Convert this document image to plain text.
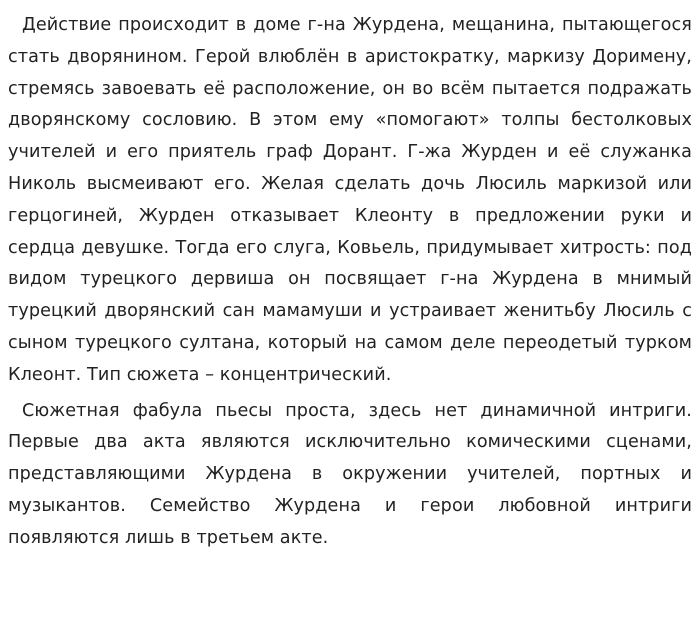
Действие происходит в доме г-на Журдена, мещанина, пытающегося стать дворянином. Герой влюблён в аристократку, маркизу Доримену, стремясь завоевать её расположение, он во всём пытается подражать дворянскому сословию. В этом ему «помогают» толпы бестолковых учителей и его приятель граф Дорант. Г-жа Журден и её служанка Николь высмеивают его. Желая сделать дочь Люсиль маркизой или герцогиней, Журден отказывает Клеонту в предложении руки и сердца девушке. Тогда его слуга, Ковьель, придумывает хитрость: под видом турецкого дервиша он посвящает г-на Журдена в мнимый турецкий дворянский сан мамамуши и устраивает женитьбу Люсиль с сыном турецкого султана, который на самом деле переодетый турком Клеонт. Тип сюжета – концентрический.

Сюжетная фабула пьесы проста, здесь нет динамичной интриги. Первые два акта являются исключительно комическими сценами, представляющими Журдена в окружении учителей, портных и музыкантов. Семейство Журдена и герои любовной интриги появляются лишь в третьем акте.
